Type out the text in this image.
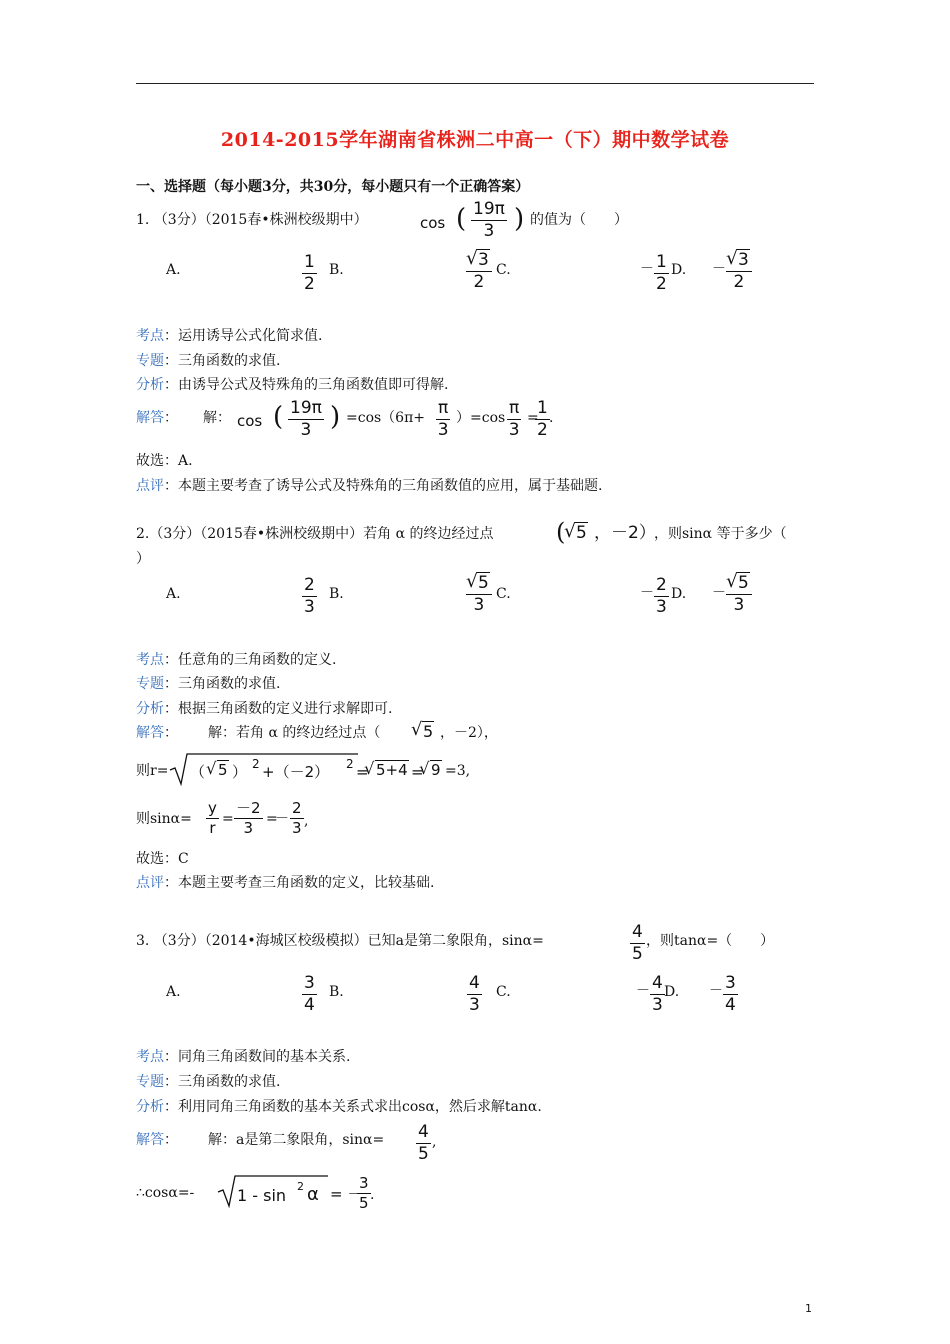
2014-2015学年湖南省株洲二中高一（下）期中数学试卷
一、选择题（每小题3分，共30分，每小题只有一个正确答案）
1. （3分）（2015春•株洲校级期中）	cos ( $\frac{19\pi}{3}$ ) 的值为（　　）
A.	$\frac{1}{2} B$.	√ $\frac{3}{2} C$.	－ $\frac{1}{2} D$. － √ $\frac{3}{2}$
考点：运用诱导公式化简求值.
专题：三角函数的求值.
分析：由诱导公式及特殊角的三角函数值即可得解.
解答： 解： cos ( $\frac{19\pi}{3}$ ) $=\cos(6\pi+ \frac{\pi}{3} )=\cos \frac{\pi}{3}$ =
$\frac{1}{2}$ .
故选：A.
点评：本题主要考查了诱导公式及特殊角的三角函数值的应用，属于基础题.
2.（3分）（2015春•株洲校级期中）若角 α 的终边经过点	( √ 5 ，－2）
，则sinα 等于多少（
）
A.	$\frac{2}{3} B$.	√ $\frac{5}{3} C$.	－ $\frac{2}{3} D$. － √ $\frac{5}{3}$
考点：任意角的三角函数的定义.
专题：三角函数的求值.
分析：根据三角函数的定义进行求解即可.
解答： 解：若角 α 的终边经过点（	√ 5 ，－2），
则r= （ √ 5 ） 2 +（－2） 2 = √ 5+4 = √ 9 =3,
则$\sin\alpha= \frac{y}{r} = \frac{-2}{3}$ =
－ $\frac{2}{3}$ ,
故选：C
点评：本题主要考查三角函数的定义，比较基础.
3. （3分）（2014•海城区校级模拟）已知a是第二象限角，sinα=	$\frac{4}{5}$ ，则tanα=（　　）
A.	$\frac{3}{4} B$.	$\frac{4}{3} C$.	－ $\frac{4}{3} D$. － $\frac{3}{4}$
考点：同角三角函数间的基本关系.
专题：三角函数的求值.
分析：利用同角三角函数的基本关系式求出cosα，然后求解tanα.
解答： 解：a是第二象限角，$\sin\alpha= \frac{4}{5}$ ,
∴cosα=-	1 - sin 2 α = －
$\frac{3}{5}$ .
1
